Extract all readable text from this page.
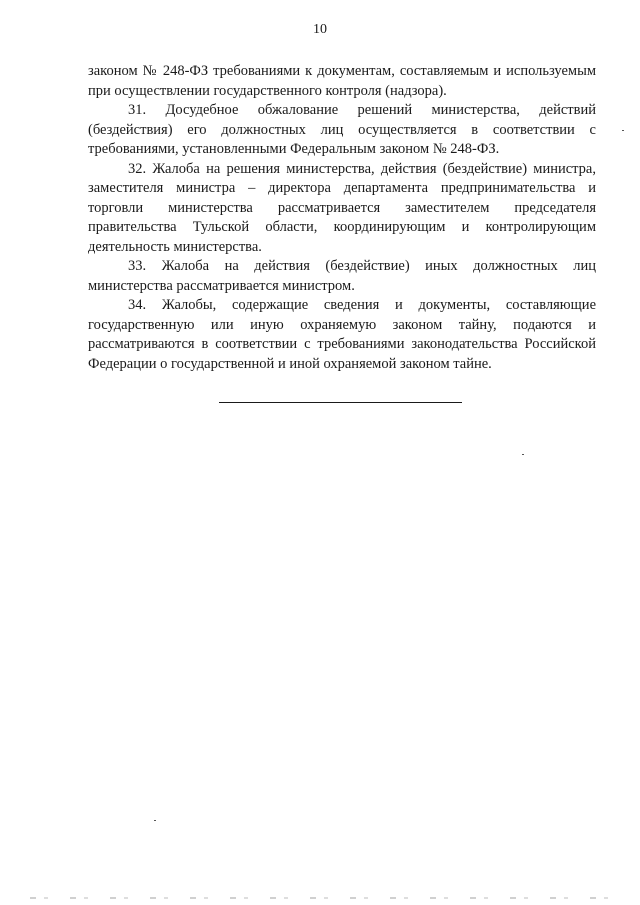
10

законом № 248-ФЗ требованиями к документам, составляемым и используемым при осуществлении государственного контроля (надзора).

31. Досудебное обжалование решений министерства, действий (бездействия) его должностных лиц осуществляется в соответствии с требованиями, установленными Федеральным законом № 248-ФЗ.

32. Жалоба на решения министерства, действия (бездействие) министра, заместителя министра – директора департамента предпринимательства и торговли министерства рассматривается заместителем председателя правительства Тульской области, координирующим и контролирующим деятельность министерства.

33. Жалоба на действия (бездействие) иных должностных лиц министерства рассматривается министром.

34. Жалобы, содержащие сведения и документы, составляющие государственную или иную охраняемую законом тайну, подаются и рассматриваются в соответствии с требованиями законодательства Российской Федерации о государственной и иной охраняемой законом тайне.
